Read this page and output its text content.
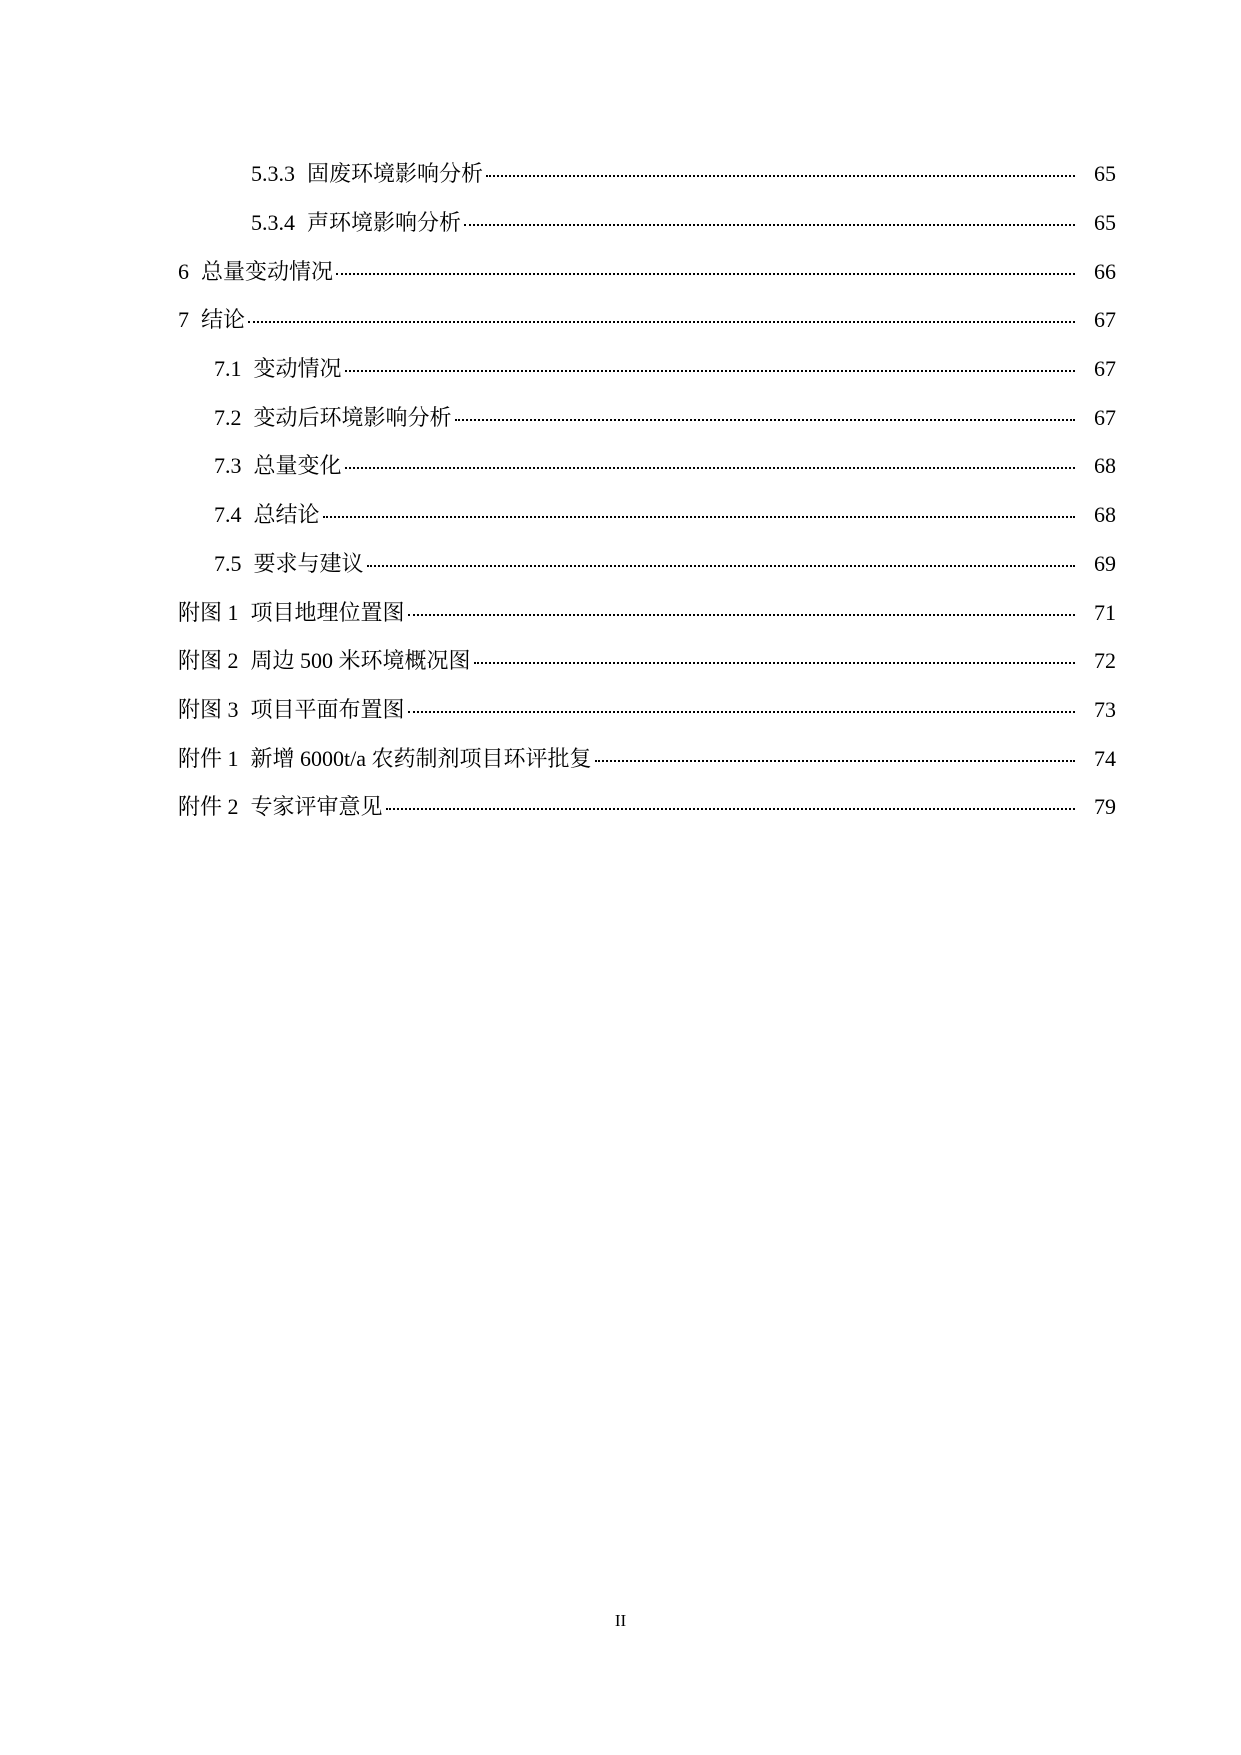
5.3.3 固废环境影响分析	65
5.3.4 声环境影响分析	65
6 总量变动情况	66
7 结论	67
7.1 变动情况	67
7.2 变动后环境影响分析	67
7.3 总量变化	68
7.4 总结论	68
7.5 要求与建议	69
附图 1 项目地理位置图	71
附图 2 周边 500 米环境概况图	72
附图 3 项目平面布置图	73
附件 1 新增 6000t/a 农药制剂项目环评批复	74
附件 2 专家评审意见	79
II
